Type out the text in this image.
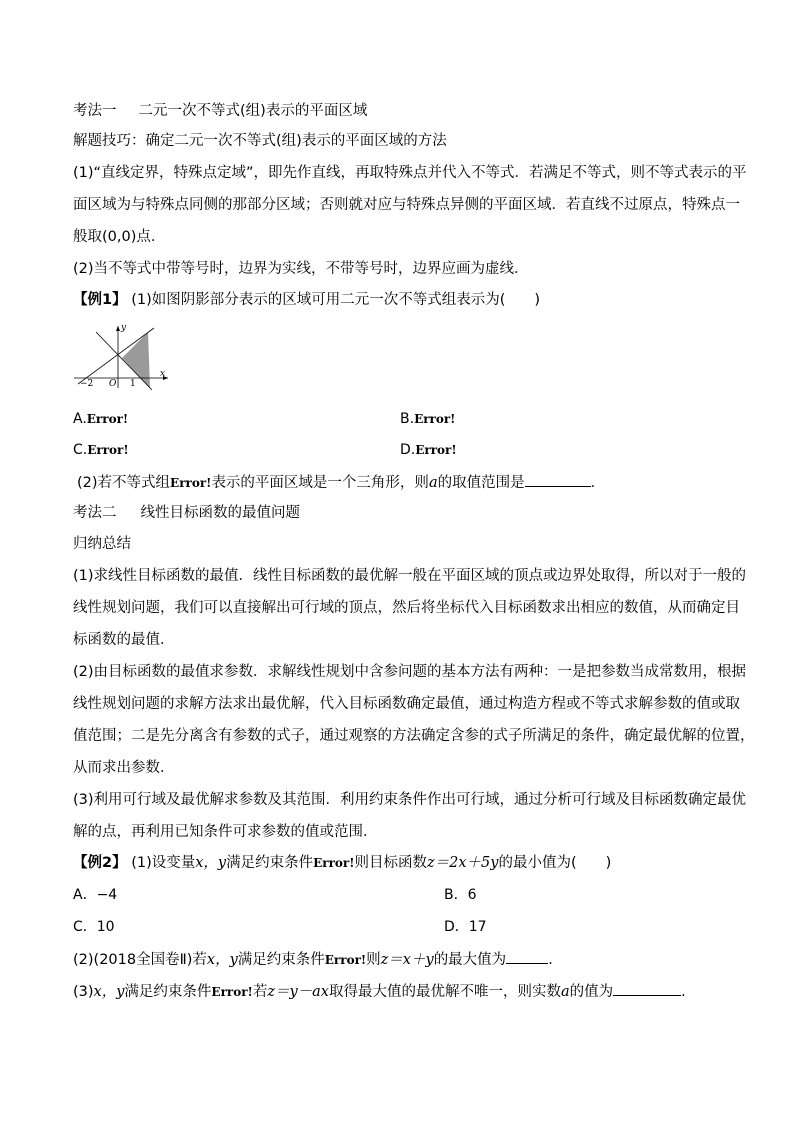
考法一 二元一次不等式(组)表示的平面区域
解题技巧：确定二元一次不等式(组)表示的平面区域的方法
(1)“直线定界，特殊点定域”，即先作直线，再取特殊点并代入不等式．若满足不等式，则不等式表示的平
面区域为与特殊点同侧的那部分区域；否则就对应与特殊点异侧的平面区域．若直线不过原点，特殊点一
般取(0,0)点．
(2)当不等式中带等号时，边界为实线，不带等号时，边界应画为虚线．
【例1】 (1)如图阴影部分表示的区域可用二元一次不等式组表示为(　　)
y
x
−2 O 1
A.Error!	B.Error!
C.Error!	D.Error!
(2)若不等式组Error!表示的平面区域是一个三角形，则a的取值范围是	．
考法二 线性目标函数的最值问题
归纳总结
(1)求线性目标函数的最值．线性目标函数的最优解一般在平面区域的顶点或边界处取得，所以对于一般的
线性规划问题，我们可以直接解出可行域的顶点，然后将坐标代入目标函数求出相应的数值，从而确定目
标函数的最值．
(2)由目标函数的最值求参数．求解线性规划中含参问题的基本方法有两种：一是把参数当成常数用，根据
线性规划问题的求解方法求出最优解，代入目标函数确定最值，通过构造方程或不等式求解参数的值或取
值范围；二是先分离含有参数的式子，通过观察的方法确定含参的式子所满足的条件，确定最优解的位置，
从而求出参数．
(3)利用可行域及最优解求参数及其范围．利用约束条件作出可行域，通过分析可行域及目标函数确定最优
解的点，再利用已知条件可求参数的值或范围．
【例2】 (1)设变量x，y满足约束条件Error!则目标函数z＝2x＋5y的最小值为(　　)
A．−4	B．6
C．10	D．17
(2)(2018全国卷Ⅱ)若x，y满足约束条件Error!则z＝x＋y的最大值为	．
(3)x，y满足约束条件Error!若z＝y－ax取得最大值的最优解不唯一，则实数a的值为	．
